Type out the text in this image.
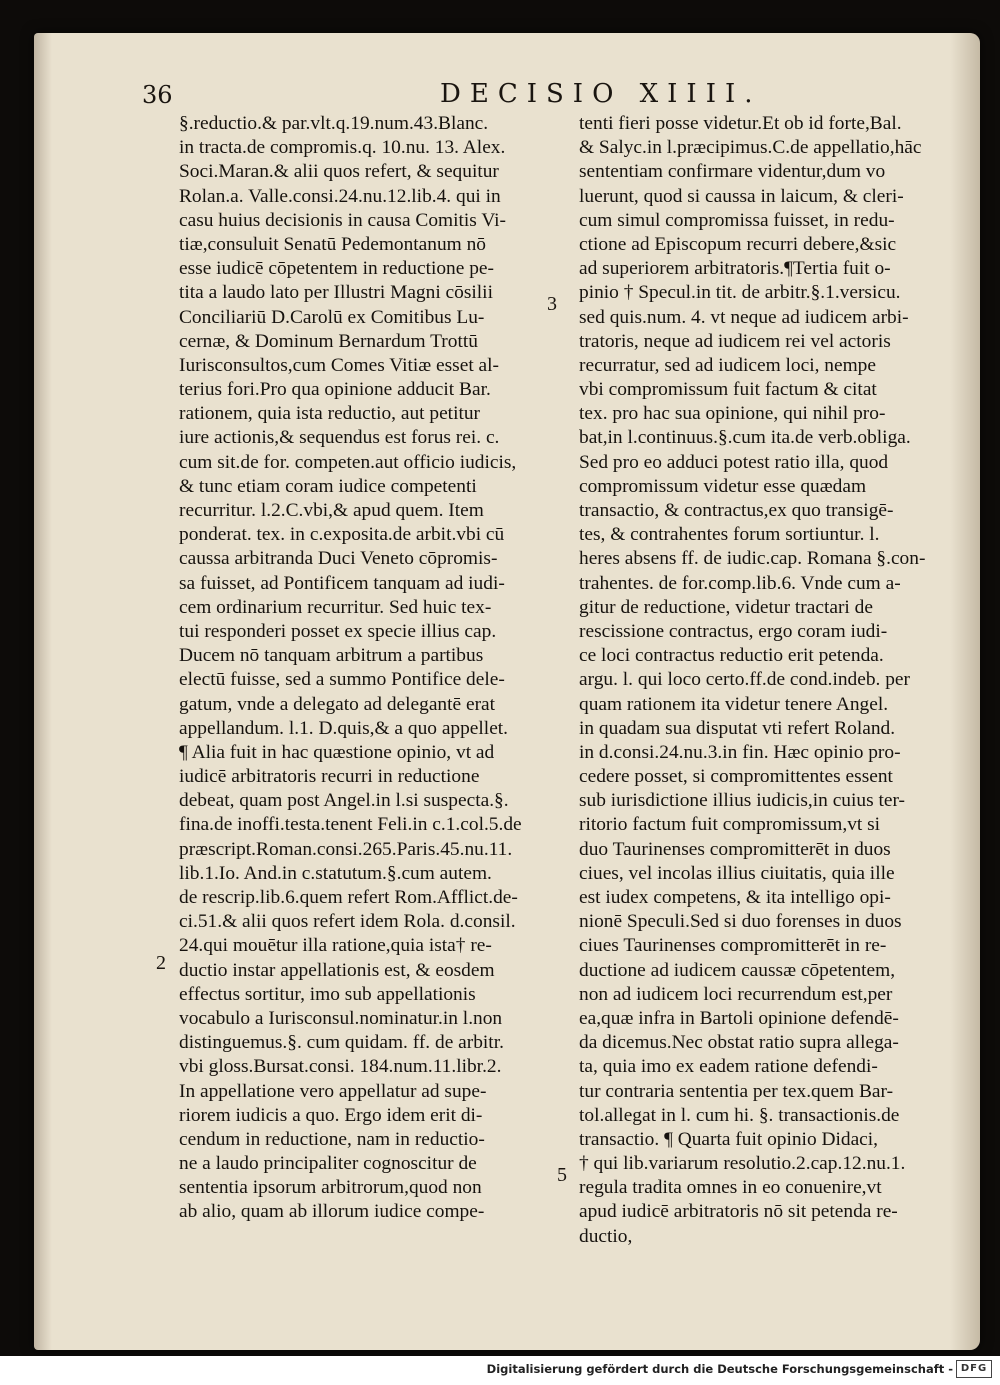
36	DECISIO XIIII.
§.reductio.& par.vlt.q.19.num.43.Blanc.
in tracta.de compromis.q. 10.nu. 13. Alex.
Soci.Maran.& alii quos refert, & sequitur
Rolan.a. Valle.consi.24.nu.12.lib.4. qui in
casu huius decisionis in causa Comitis Vi-
tiæ,consuluit Senatū Pedemontanum nō
esse iudicē cōpetentem in reductione pe-
tita a laudo lato per Illustri Magni cōsilii
Conciliariū D.Carolū ex Comitibus Lu-
cernæ, & Dominum Bernardum Trottū
Iurisconsultos,cum Comes Vitiæ esset al-
terius fori.Pro qua opinione adducit Bar.
rationem, quia ista reductio, aut petitur
iure actionis,& sequendus est forus rei. c.
cum sit.de for. competen.aut officio iudicis,
& tunc etiam coram iudice competenti
recurritur. l.2.C.vbi,& apud quem. Item
ponderat. tex. in c.exposita.de arbit.vbi cū
caussa arbitranda Duci Veneto cōpromis-
sa fuisset, ad Pontificem tanquam ad iudi-
cem ordinarium recurritur. Sed huic tex-
tui responderi posset ex specie illius cap.
Ducem nō tanquam arbitrum a partibus
electū fuisse, sed a summo Pontifice dele-
gatum, vnde a delegato ad delegantē erat
appellandum. l.1. D.quis,& a quo appellet.
¶ Alia fuit in hac quæstione opinio, vt ad
iudicē arbitratoris recurri in reductione
debeat, quam post Angel.in l.si suspecta.§.
fina.de inoffi.testa.tenent Feli.in c.1.col.5.de
præscript.Roman.consi.265.Paris.45.nu.11.
lib.1.Io. And.in c.statutum.§.cum autem.
de rescrip.lib.6.quem refert Rom.Afflict.de-
ci.51.& alii quos refert idem Rola. d.consil.
24.qui mouētur illa ratione,quia ista† re-
ductio instar appellationis est, & eosdem
effectus sortitur, imo sub appellationis
vocabulo a Iurisconsul.nominatur.in l.non
distinguemus.§. cum quidam. ff. de arbitr.
vbi gloss.Bursat.consi. 184.num.11.libr.2.
In appellatione vero appellatur ad supe-
riorem iudicis a quo. Ergo idem erit di-
cendum in reductione, nam in reductio-
ne a laudo principaliter cognoscitur de
sententia ipsorum arbitrorum,quod non
ab alio, quam ab illorum iudice compe-
tenti fieri posse videtur.Et ob id forte,Bal.
& Salyc.in l.præcipimus.C.de appellatio,hāc
sententiam confirmare videntur,dum vo
luerunt, quod si caussa in laicum, & cleri-
cum simul compromissa fuisset, in redu-
ctione ad Episcopum recurri debere,&sic
ad superiorem arbitratoris.¶Tertia fuit o-
pinio † Specul.in tit. de arbitr.§.1.versicu.
sed quis.num. 4. vt neque ad iudicem arbi-
tratoris, neque ad iudicem rei vel actoris
recurratur, sed ad iudicem loci, nempe
vbi compromissum fuit factum & citat
tex. pro hac sua opinione, qui nihil pro-
bat,in l.continuus.§.cum ita.de verb.obliga.
Sed pro eo adduci potest ratio illa, quod
compromissum videtur esse quædam
transactio, & contractus,ex quo transigē-
tes, & contrahentes forum sortiuntur. l.
heres absens ff. de iudic.cap. Romana §.con-
trahentes. de for.comp.lib.6. Vnde cum a-
gitur de reductione, videtur tractari de
rescissione contractus, ergo coram iudi-
ce loci contractus reductio erit petenda.
argu. l. qui loco certo.ff.de cond.indeb. per
quam rationem ita videtur tenere Angel.
in quadam sua disputat vti refert Roland.
in d.consi.24.nu.3.in fin. Hæc opinio pro-
cedere posset, si compromittentes essent
sub iurisdictione illius iudicis,in cuius ter-
ritorio factum fuit compromissum,vt si
duo Taurinenses compromitterēt in duos
ciues, vel incolas illius ciuitatis, quia ille
est iudex competens, & ita intelligo opi-
nionē Speculi.Sed si duo forenses in duos
ciues Taurinenses compromitterēt in re-
ductione ad iudicem caussæ cōpetentem,
non ad iudicem loci recurrendum est,per
ea,quæ infra in Bartoli opinione defendē-
da dicemus.Nec obstat ratio supra allega-
ta, quia imo ex eadem ratione defendi-
tur contraria sententia per tex.quem Bar-
tol.allegat in l. cum hi. §. transactionis.de
transactio. ¶ Quarta fuit opinio Didaci,
† qui lib.variarum resolutio.2.cap.12.nu.1.
regula tradita omnes in eo conuenire,vt
apud iudicē arbitratoris nō sit petenda re-
ductio,
3
2
5
Digitalisierung gefördert durch die Deutsche Forschungsgemeinschaft - DFG
